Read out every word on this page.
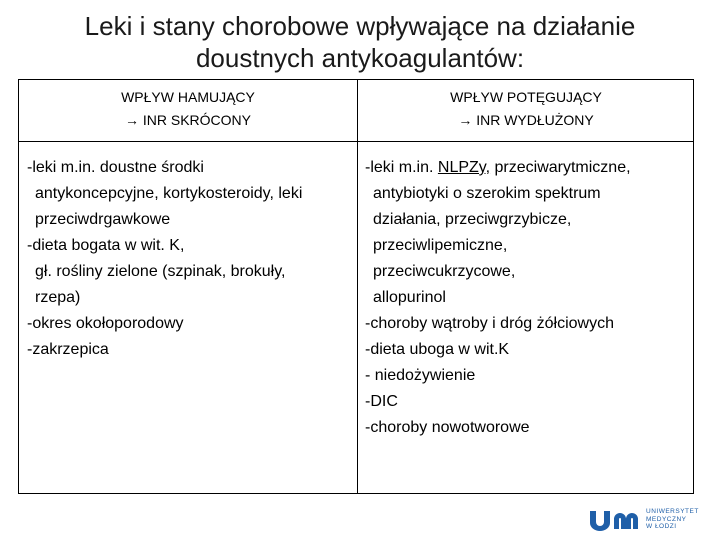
Leki i stany chorobowe wpływające na działanie
doustnych antykoagulantów:
WPŁYW HAMUJĄCY
→ INR SKRÓCONY
WPŁYW POTĘGUJĄCY
→ INR WYDŁUŻONY
-leki m.in. doustne środki
antykoncepcyjne, kortykosteroidy, leki
przeciwdrgawkowe
-dieta bogata w wit. K,
gł. rośliny zielone (szpinak, brokuły,
rzepa)
-okres okołoporodowy
-zakrzepica
-leki m.in. NLPZy, przeciwarytmiczne,
antybiotyki o szerokim spektrum
działania, przeciwgrzybicze,
przeciwlipemiczne,
przeciwcukrzycowe,
allopurinol
-choroby wątroby i dróg żółciowych
-dieta uboga w wit.K
- niedożywienie
-DIC
-choroby nowotworowe
UNIWERSYTET
MEDYCZNY
W ŁODZI
